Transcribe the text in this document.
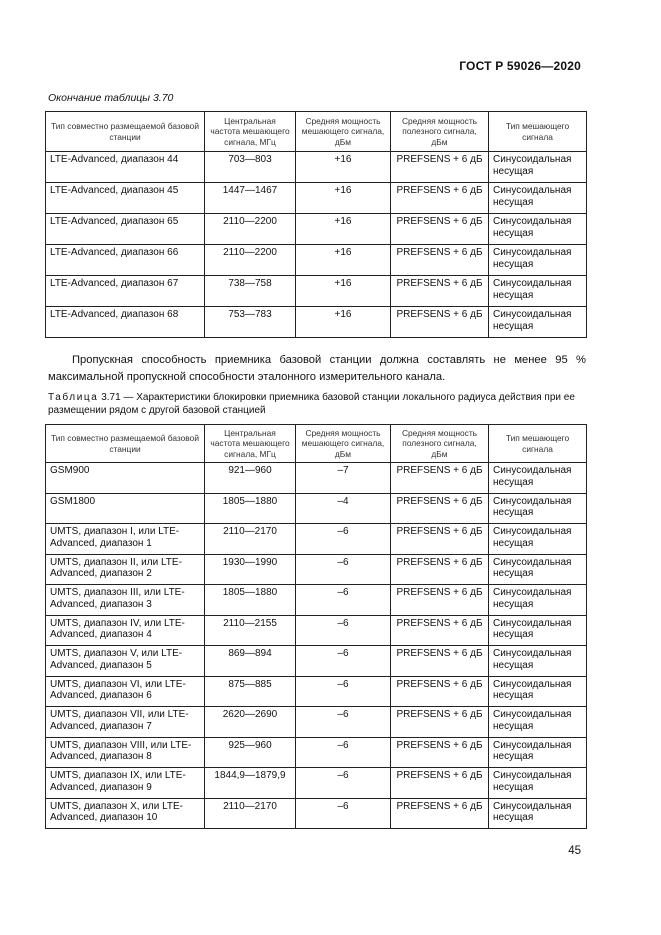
ГОСТ Р 59026—2020
Окончание таблицы 3.70
Тип совместно размещаемой базовой станции	Центральная частота мешающего сигнала, МГц	Средняя мощность мешающего сигнала, дБм	Средняя мощность полезного сигнала, дБм	Тип мешающего сигнала
LTE-Advanced, диапазон 44	703—803	+16	PREFSENS + 6 дБ	Синусоидальная несущая
LTE-Advanced, диапазон 45	1447—1467	+16	PREFSENS + 6 дБ	Синусоидальная несущая
LTE-Advanced, диапазон 65	2110—2200	+16	PREFSENS + 6 дБ	Синусоидальная несущая
LTE-Advanced, диапазон 66	2110—2200	+16	PREFSENS + 6 дБ	Синусоидальная несущая
LTE-Advanced, диапазон 67	738—758	+16	PREFSENS + 6 дБ	Синусоидальная несущая
LTE-Advanced, диапазон 68	753—783	+16	PREFSENS + 6 дБ	Синусоидальная несущая
Пропускная способность приемника базовой станции должна составлять не менее 95 % максимальной пропускной способности эталонного измерительного канала.
Таблица 3.71 — Характеристики блокировки приемника базовой станции локального радиуса действия при ее размещении рядом с другой базовой станцией
Тип совместно размещаемой базовой станции	Центральная частота мешающего сигнала, МГц	Средняя мощность мешающего сигнала, дБм	Средняя мощность полезного сигнала, дБм	Тип мешающего сигнала
GSM900	921—960	–7	PREFSENS + 6 дБ	Синусоидальная несущая
GSM1800	1805—1880	–4	PREFSENS + 6 дБ	Синусоидальная несущая
UMTS, диапазон I, или LTE-Advanced, диапазон 1	2110—2170	–6	PREFSENS + 6 дБ	Синусоидальная несущая
UMTS, диапазон II, или LTE-Advanced, диапазон 2	1930—1990	–6	PREFSENS + 6 дБ	Синусоидальная несущая
UMTS, диапазон III, или LTE-Advanced, диапазон 3	1805—1880	–6	PREFSENS + 6 дБ	Синусоидальная несущая
UMTS, диапазон IV, или LTE-Advanced, диапазон 4	2110—2155	–6	PREFSENS + 6 дБ	Синусоидальная несущая
UMTS, диапазон V, или LTE-Advanced, диапазон 5	869—894	–6	PREFSENS + 6 дБ	Синусоидальная несущая
UMTS, диапазон VI, или LTE-Advanced, диапазон 6	875—885	–6	PREFSENS + 6 дБ	Синусоидальная несущая
UMTS, диапазон VII, или LTE-Advanced, диапазон 7	2620—2690	–6	PREFSENS + 6 дБ	Синусоидальная несущая
UMTS, диапазон VIII, или LTE-Advanced, диапазон 8	925—960	–6	PREFSENS + 6 дБ	Синусоидальная несущая
UMTS, диапазон IX, или LTE-Advanced, диапазон 9	1844,9—1879,9	–6	PREFSENS + 6 дБ	Синусоидальная несущая
UMTS, диапазон X, или LTE-Advanced, диапазон 10	2110—2170	–6	PREFSENS + 6 дБ	Синусоидальная несущая
45
